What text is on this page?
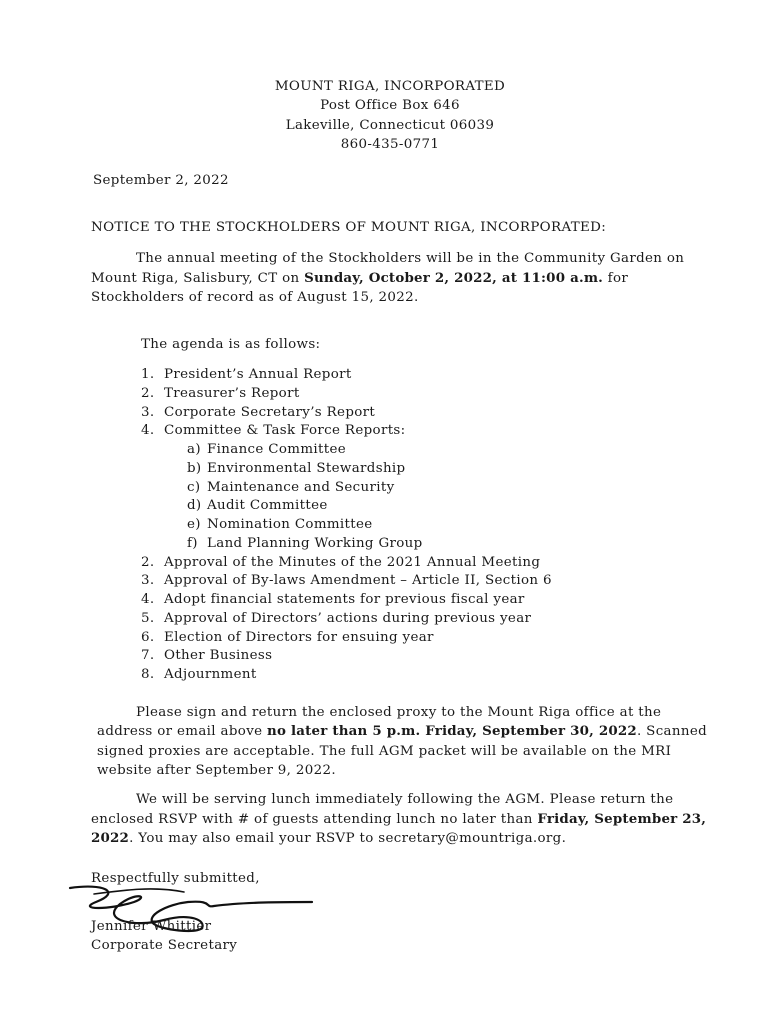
MOUNT RIGA, INCORPORATED
Post Office Box 646
Lakeville, Connecticut 06039
860-435-0771
September 2, 2022
NOTICE TO THE STOCKHOLDERS OF MOUNT RIGA, INCORPORATED:
The annual meeting of the Stockholders will be in the Community Garden on
Mount Riga, Salisbury, CT on Sunday, October 2, 2022, at 11:00 a.m. for
Stockholders of record as of August 15, 2022.
The agenda is as follows:
1. President’s Annual Report
2. Treasurer’s Report
3. Corporate Secretary’s Report
4. Committee & Task Force Reports:
a) Finance Committee
b) Environmental Stewardship
c) Maintenance and Security
d) Audit Committee
e) Nomination Committee
f) Land Planning Working Group
2. Approval of the Minutes of the 2021 Annual Meeting
3. Approval of By-laws Amendment – Article II, Section 6
4. Adopt financial statements for previous fiscal year
5. Approval of Directors’ actions during previous year
6. Election of Directors for ensuing year
7. Other Business
8. Adjournment
Please sign and return the enclosed proxy to the Mount Riga office at the
address or email above no later than 5 p.m. Friday, September 30, 2022. Scanned
signed proxies are acceptable. The full AGM packet will be available on the MRI
website after September 9, 2022.
We will be serving lunch immediately following the AGM. Please return the
enclosed RSVP with # of guests attending lunch no later than Friday, September 23,
2022. You may also email your RSVP to secretary@mountriga.org.
Respectfully submitted,
Jennifer Whittier
Corporate Secretary
